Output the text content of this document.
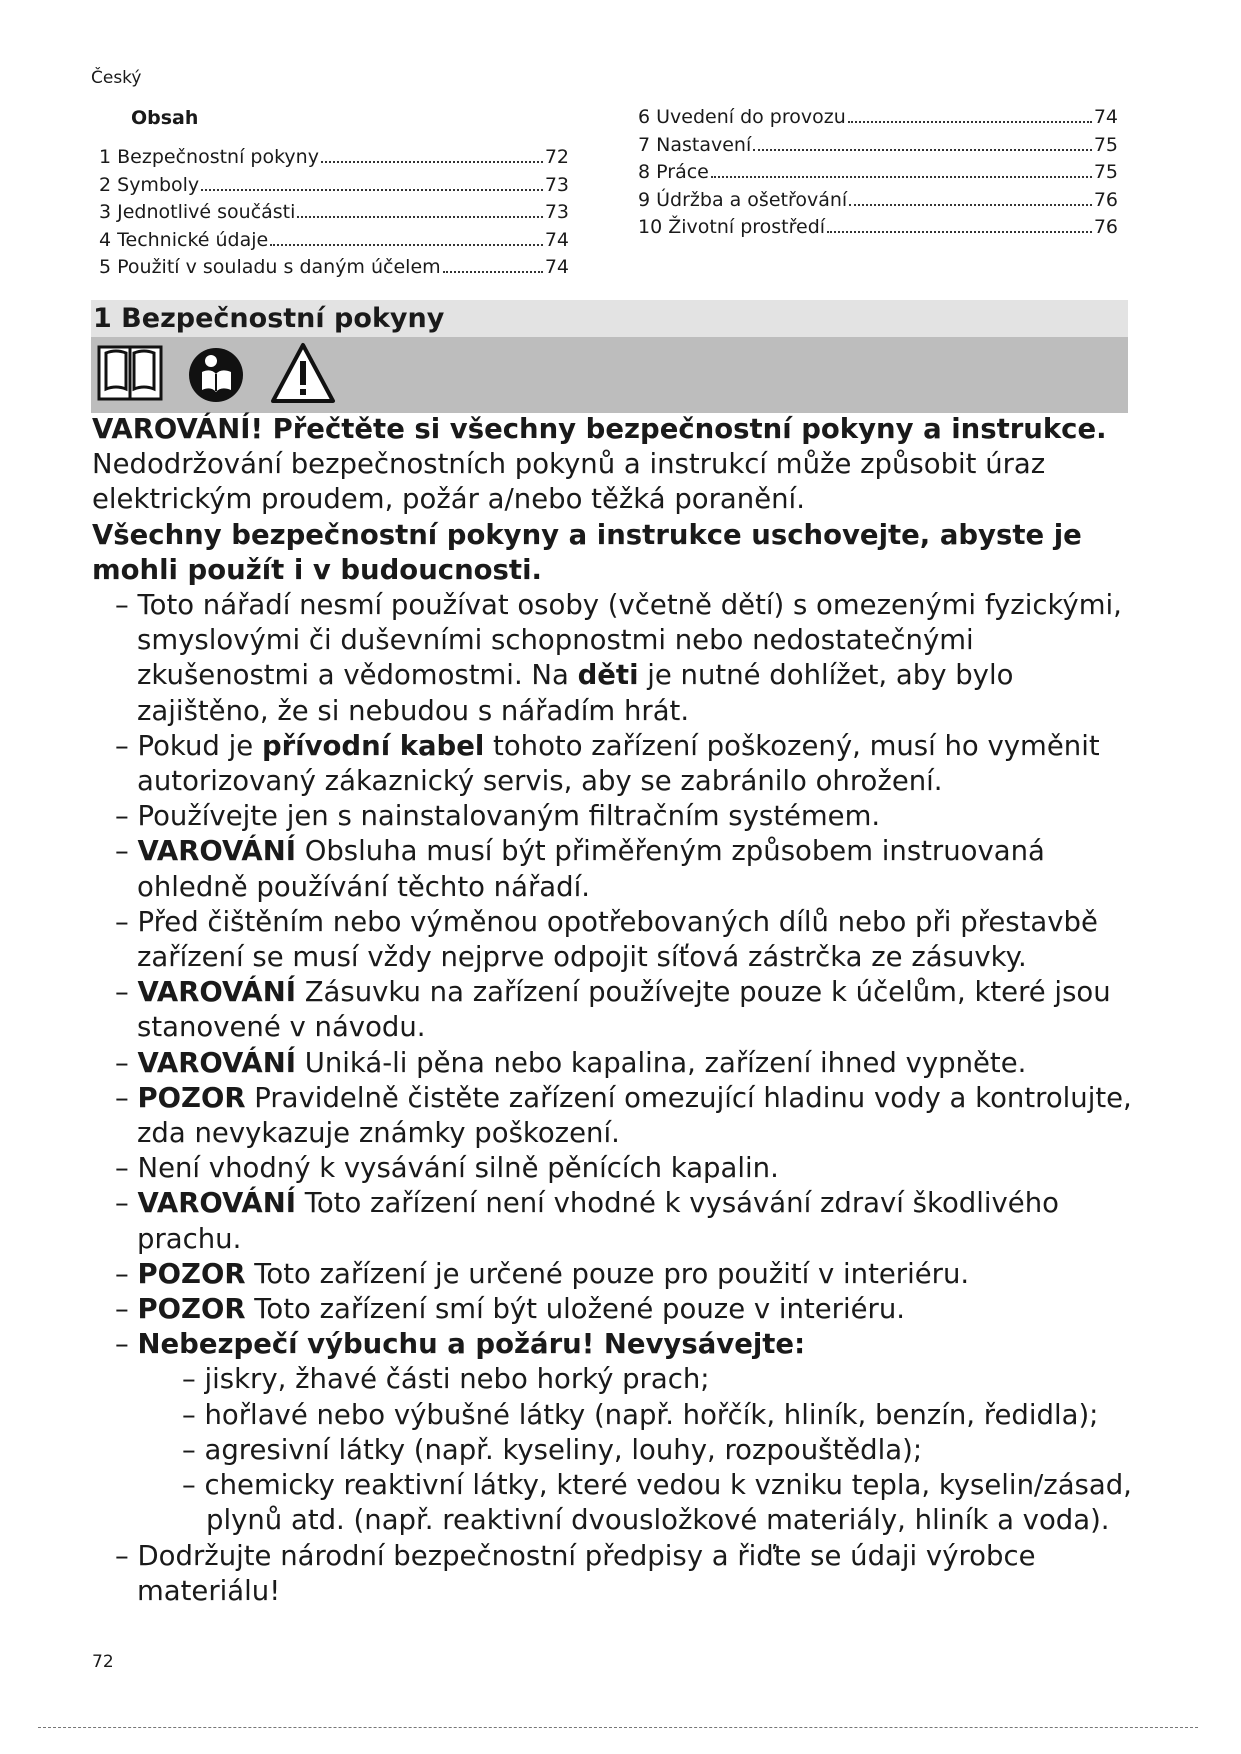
Český
Obsah
1 Bezpečnostní pokyny	72
2 Symboly	73
3 Jednotlivé součásti	73
4 Technické údaje	74
5 Použití v souladu s daným účelem	74
6 Uvedení do provozu	74
7 Nastavení	75
8 Práce	75
9 Údržba a ošetřování	76
10 Životní prostředí	76
1 Bezpečnostní pokyny

VAROVÁNÍ! Přečtěte si všechny bezpečnostní pokyny a instrukce. Nedodržování bezpečnostních pokynů a instrukcí může způsobit úraz elektrickým proudem, požár a/nebo těžká poranění.

Všechny bezpečnostní pokyny a instrukce uschovejte, abyste je mohli použít i v budoucnosti.

– Toto nářadí nesmí používat osoby (včetně dětí) s omezenými fyzickými, smyslovými či duševními schopnostmi nebo nedostatečnými zkušenostmi a vědomostmi. Na děti je nutné dohlížet, aby bylo zajištěno, že si nebudou s nářadím hrát.
– Pokud je přívodní kabel tohoto zařízení poškozený, musí ho vyměnit autorizovaný zákaznický servis, aby se zabránilo ohrožení.
– Používejte jen s nainstalovaným filtračním systémem.
– VAROVÁNÍ Obsluha musí být přiměřeným způsobem instruovaná ohledně používání těchto nářadí.
– Před čištěním nebo výměnou opotřebovaných dílů nebo při přestavbě zařízení se musí vždy nejprve odpojit síťová zástrčka ze zásuvky.
– VAROVÁNÍ Zásuvku na zařízení používejte pouze k účelům, které jsou stanovené v návodu.
– VAROVÁNÍ Uniká-li pěna nebo kapalina, zařízení ihned vypněte.
– POZOR Pravidelně čistěte zařízení omezující hladinu vody a kontrolujte, zda nevykazuje známky poškození.
– Není vhodný k vysávání silně pěnících kapalin.
– VAROVÁNÍ Toto zařízení není vhodné k vysávání zdraví škodlivého prachu.
– POZOR Toto zařízení je určené pouze pro použití v interiéru.
– POZOR Toto zařízení smí být uložené pouze v interiéru.
– Nebezpečí výbuchu a požáru! Nevysávejte:
– jiskry, žhavé části nebo horký prach;
– hořlavé nebo výbušné látky (např. hořčík, hliník, benzín, ředidla);
– agresivní látky (např. kyseliny, louhy, rozpouštědla);
– chemicky reaktivní látky, které vedou k vzniku tepla, kyselin/zásad, plynů atd. (např. reaktivní dvousložkové materiály, hliník a voda).
– Dodržujte národní bezpečnostní předpisy a řiďte se údaji výrobce materiálu!
72
